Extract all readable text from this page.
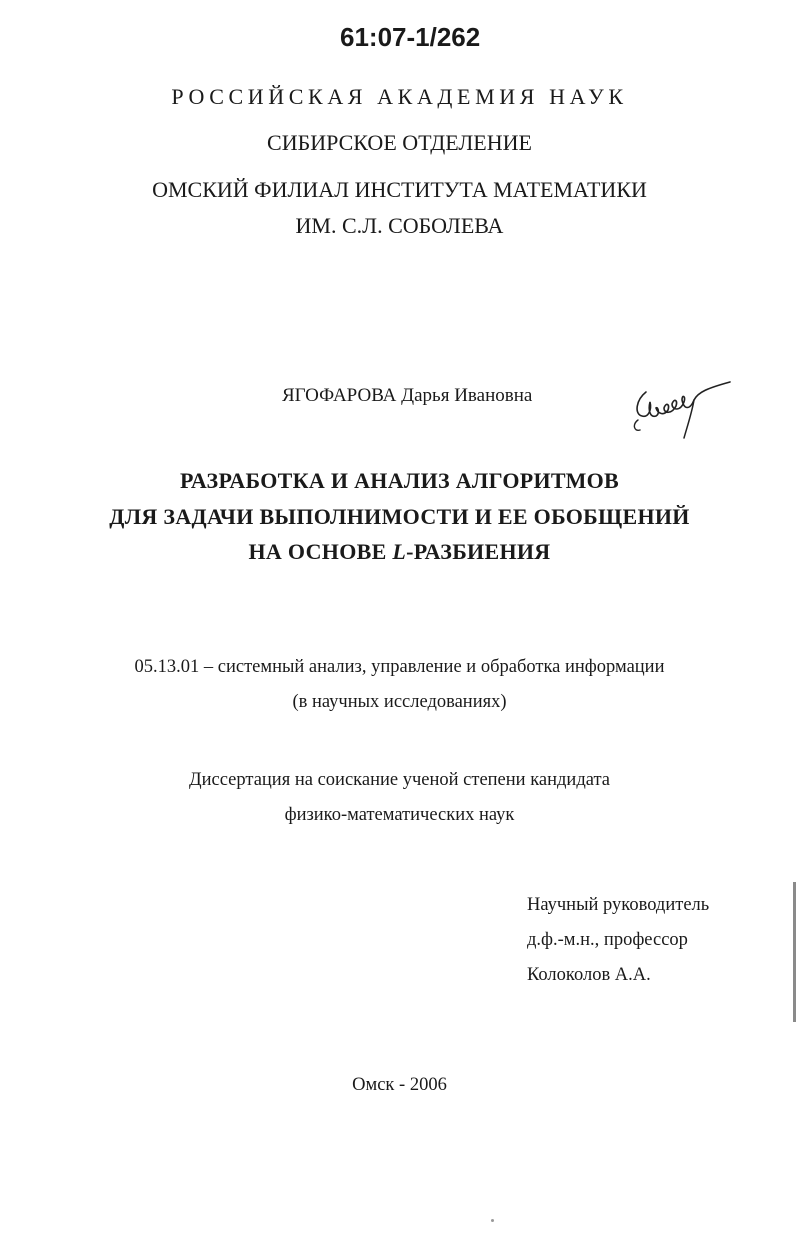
61:07-1/262
РОССИЙСКАЯ АКАДЕМИЯ НАУК
СИБИРСКОЕ ОТДЕЛЕНИЕ
ОМСКИЙ ФИЛИАЛ ИНСТИТУТА МАТЕМАТИКИ
ИМ. С.Л. СОБОЛЕВА
ЯГОФАРОВА Дарья Ивановна
РАЗРАБОТКА И АНАЛИЗ АЛГОРИТМОВ
ДЛЯ ЗАДАЧИ ВЫПОЛНИМОСТИ И ЕЕ ОБОБЩЕНИЙ
НА ОСНОВЕ L-РАЗБИЕНИЯ
05.13.01 – системный анализ, управление и обработка информации
(в научных исследованиях)
Диссертация на соискание ученой степени кандидата
физико-математических наук
Научный руководитель
д.ф.-м.н., профессор
Колоколов А.А.
Омск - 2006
